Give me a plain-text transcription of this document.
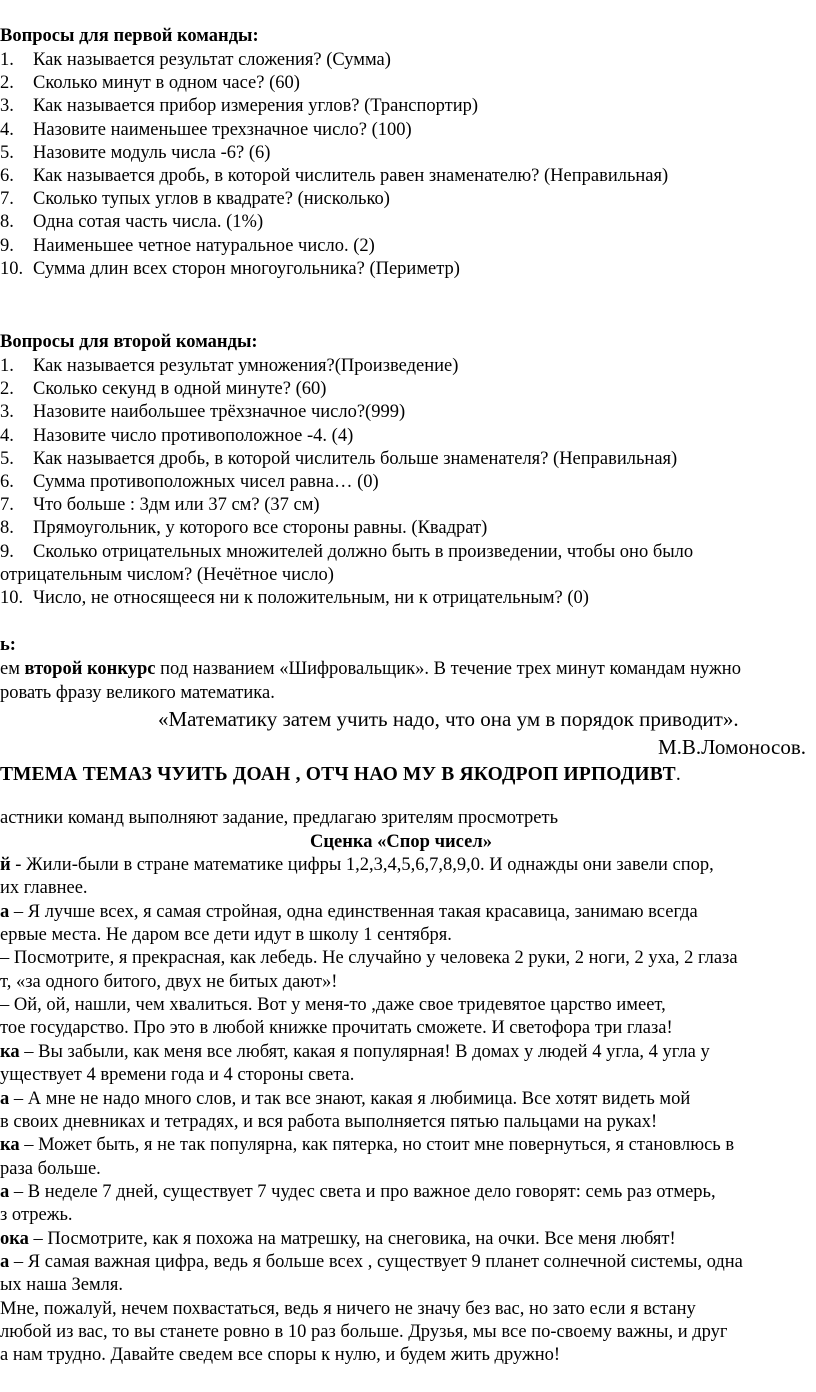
Вопросы для первой команды:
1. Как называется результат сложения? (Сумма)
2. Сколько минут в одном часе? (60)
3. Как называется прибор измерения углов? (Транспортир)
4. Назовите наименьшее трехзначное число? (100)
5. Назовите модуль числа -6? (6)
6. Как называется дробь, в которой числитель равен знаменателю? (Неправильная)
7. Сколько тупых углов в квадрате? (нисколько)
8. Одна сотая часть числа. (1%)
9. Наименьшее четное натуральное число. (2)
10. Сумма длин всех сторон многоугольника? (Периметр)
Вопросы для второй команды:
1. Как называется результат умножения?(Произведение)
2. Сколько секунд в одной минуте? (60)
3. Назовите наибольшее трёхзначное число?(999)
4. Назовите число противоположное -4. (4)
5. Как называется дробь, в которой числитель больше знаменателя? (Неправильная)
6. Сумма противоположных чисел равна… (0)
7. Что больше : 3дм или 37 см? (37 см)
8. Прямоугольник, у которого все стороны равны. (Квадрат)
9. Сколько отрицательных множителей должно быть в произведении, чтобы оно было
отрицательным числом? (Нечётное число)
10. Число, не относящееся ни к положительным, ни к отрицательным? (0)
ь:
ем второй конкурс под названием «Шифровальщик». В течение трех минут командам нужно
ровать фразу великого математика.
«Математику затем учить надо, что она ум в порядок приводит».
М.В.Ломоносов.
ТМЕМА ТЕМАЗ ЧУИТЬ ДОАН , ОТЧ НАО МУ В ЯКОДРОП ИРПОДИВТ.
астники команд выполняют задание, предлагаю зрителям просмотреть
Сценка «Спор чисел»
й - Жили-были в стране математике цифры 1,2,3,4,5,6,7,8,9,0. И однажды они завели спор,
их главнее.
а – Я лучше всех, я самая стройная, одна единственная такая красавица, занимаю всегда
ервые места. Не даром все дети идут в школу 1 сентября.
– Посмотрите, я прекрасная, как лебедь. Не случайно у человека 2 руки, 2 ноги, 2 уха, 2 глаза
т, «за одного битого, двух не битых дают»!
– Ой, ой, нашли, чем хвалиться. Вот у меня-то ,даже свое тридевятое царство имеет,
тое государство. Про это в любой книжке прочитать сможете. И светофора три глаза!
ка – Вы забыли, как меня все любят, какая я популярная! В домах у людей 4 угла, 4 угла у
уществует 4 времени года и 4 стороны света.
а – А мне не надо много слов, и так все знают, какая я любимица. Все хотят видеть мой
в своих дневниках и тетрадях, и вся работа выполняется пятью пальцами на руках!
ка – Может быть, я не так популярна, как пятерка, но стоит мне повернуться, я становлюсь в
раза больше.
а – В неделе 7 дней, существует 7 чудес света и про важное дело говорят: семь раз отмерь,
з отрежь.
ока – Посмотрите, как я похожа на матрешку, на снеговика, на очки. Все меня любят!
а – Я самая важная цифра, ведь я больше всех , существует 9 планет солнечной системы, одна
ых наша Земля.
Мне, пожалуй, нечем похвастаться, ведь я ничего не значу без вас, но зато если я встану
любой из вас, то вы станете ровно в 10 раз больше. Друзья, мы все по-своему важны, и друг
а нам трудно. Давайте сведем все споры к нулю, и будем жить дружно!
